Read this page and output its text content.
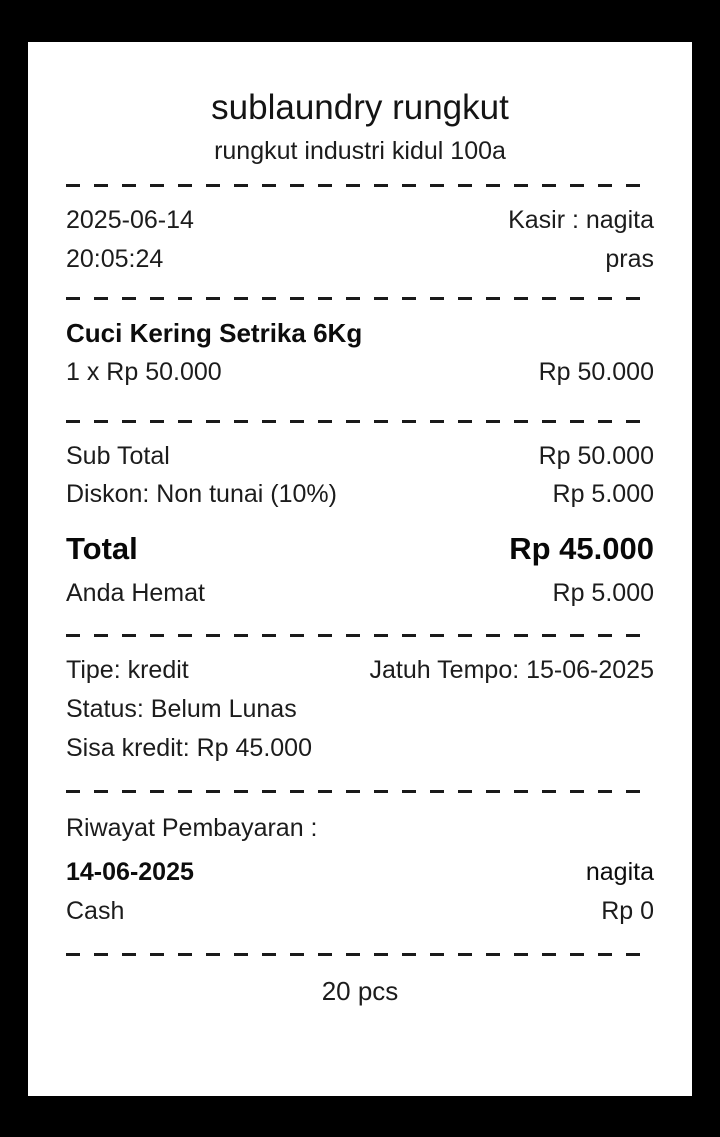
sublaundry rungkut
rungkut industri kidul 100a
2025-06-14	Kasir : nagita
20:05:24	pras
Cuci Kering Setrika 6Kg
1 x Rp 50.000	Rp 50.000
Sub Total	Rp 50.000
Diskon: Non tunai (10%)	Rp 5.000
Total	Rp 45.000
Anda Hemat	Rp 5.000
Tipe: kredit	Jatuh Tempo: 15-06-2025
Status: Belum Lunas
Sisa kredit: Rp 45.000
Riwayat Pembayaran :
14-06-2025	nagita
Cash	Rp 0
20 pcs
